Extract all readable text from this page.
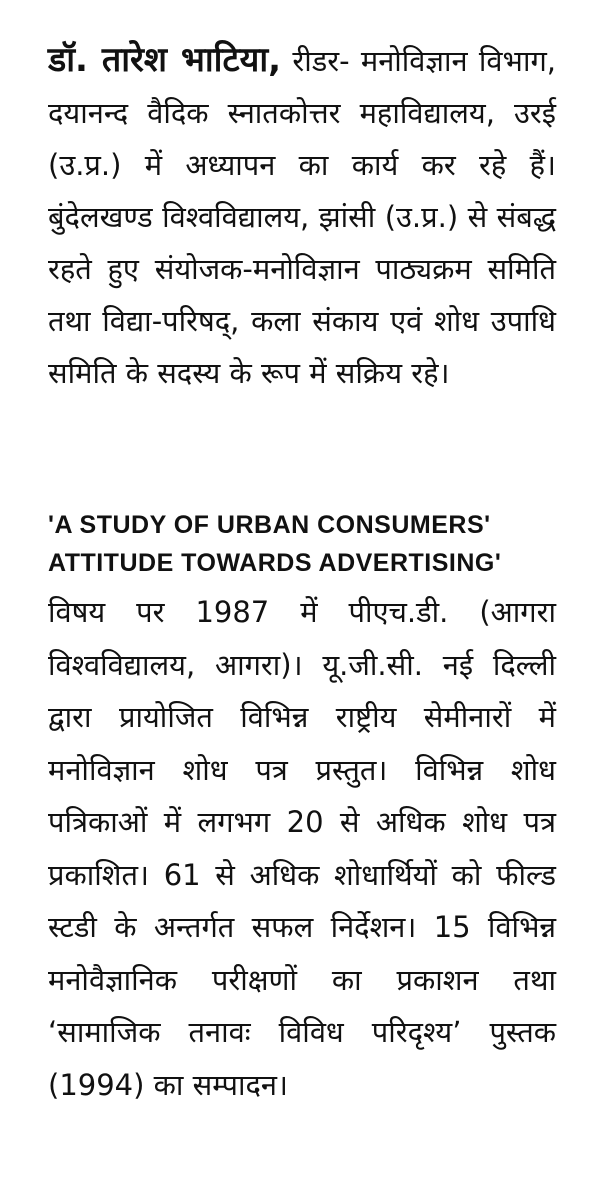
डॉ. तारेश भाटिया, रीडर- मनोविज्ञान विभाग, दयानन्द वैदिक स्नातकोत्तर महाविद्यालय, उरई (उ.प्र.) में अध्यापन का कार्य कर रहे हैं। बुंदेलखण्ड विश्वविद्यालय, झांसी (उ.प्र.) से संबद्ध रहते हुए संयोजक-मनोविज्ञान पाठ्यक्रम समिति तथा विद्या-परिषद्, कला संकाय एवं शोध उपाधि समिति के सदस्य के रूप में सक्रिय रहे।

'A STUDY OF URBAN CONSUMERS'
ATTITUDE TOWARDS ADVERTISING'

विषय पर 1987 में पीएच.डी. (आगरा विश्वविद्यालय, आगरा)। यू.जी.सी. नई दिल्ली द्वारा प्रायोजित विभिन्न राष्ट्रीय सेमीनारों में मनोविज्ञान शोध पत्र प्रस्तुत। विभिन्न शोध पत्रिकाओं में लगभग 20 से अधिक शोध पत्र प्रकाशित। 61 से अधिक शोधार्थियों को फील्ड स्टडी के अन्तर्गत सफल निर्देशन। 15 विभिन्न मनोवैज्ञानिक परीक्षणों का प्रकाशन तथा ‘सामाजिक तनावः विविध परिदृश्य’ पुस्तक (1994) का सम्पादन।
